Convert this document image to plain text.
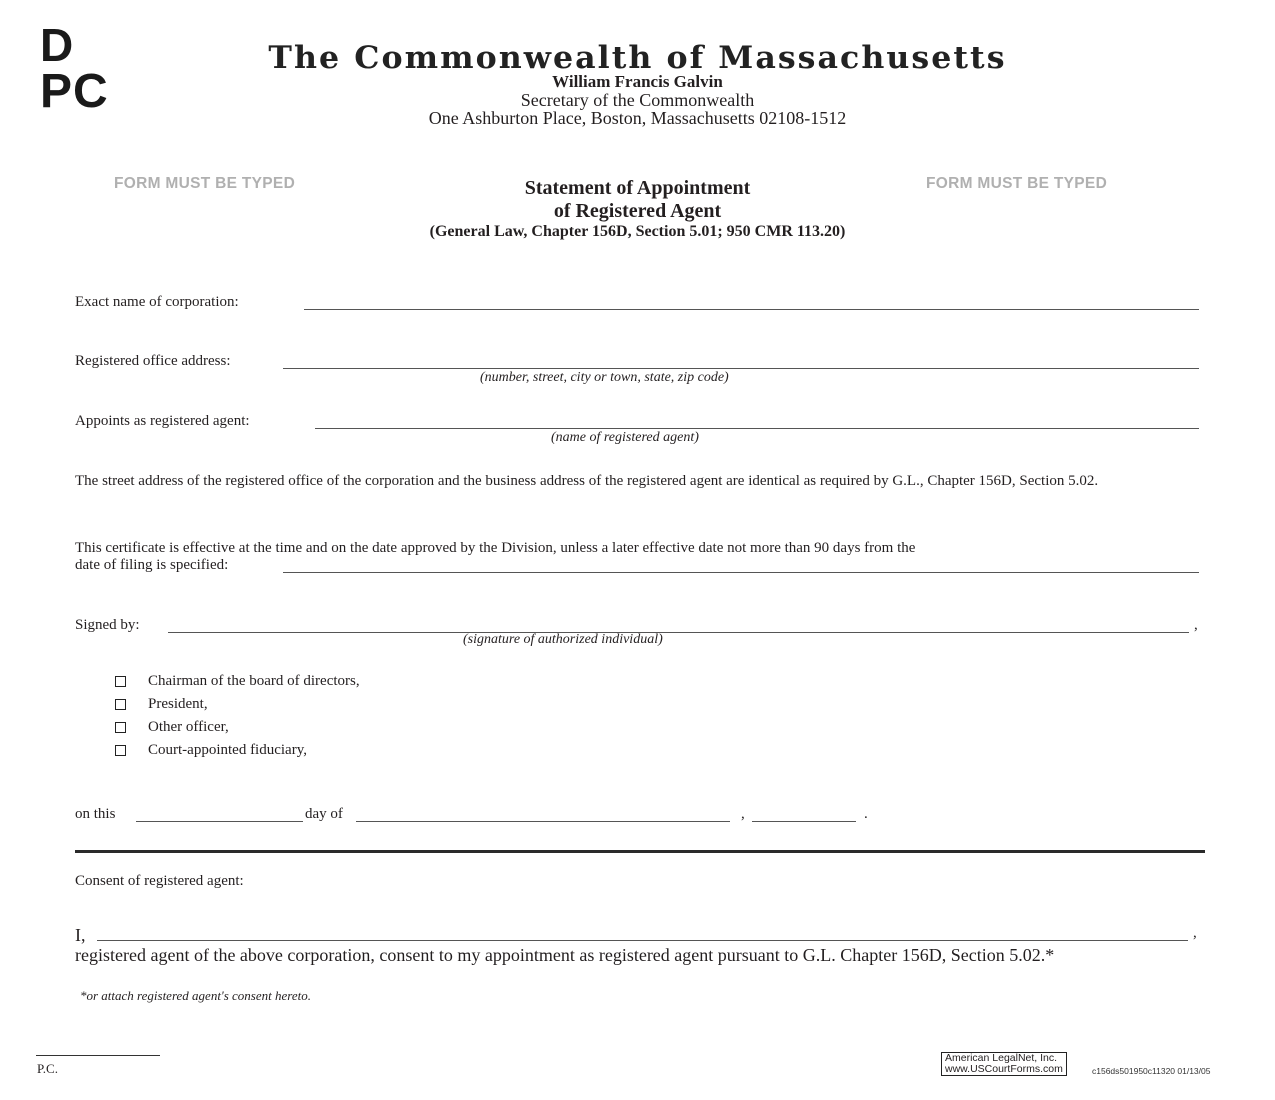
D
PC
The Commonwealth of Massachusetts
William Francis Galvin
Secretary of the Commonwealth
One Ashburton Place, Boston, Massachusetts 02108-1512
FORM MUST BE TYPED	FORM MUST BE TYPED
Statement of Appointment
of Registered Agent
(General Law, Chapter 156D, Section 5.01; 950 CMR 113.20)
Exact name of corporation:
Registered office address:
(number, street, city or town, state, zip code)
Appoints as registered agent:
(name of registered agent)
The street address of the registered office of the corporation and the business address of the registered agent are identical as required by G.L., Chapter 156D, Section 5.02.
This certificate is effective at the time and on the date approved by the Division, unless a later effective date not more than 90 days from the
date of filing is specified:
Signed by:	,
(signature of authorized individual)
Chairman of the board of directors,
President,
Other officer,
Court-appointed fiduciary,
on this	day of	,	.
Consent of registered agent:
I,	,
registered agent of the above corporation, consent to my appointment as registered agent pursuant to G.L. Chapter 156D, Section 5.02.*
*or attach registered agent's consent hereto.
P.C.
American LegalNet, Inc.
www.USCourtForms.com	c156ds501950c11320 01/13/05
